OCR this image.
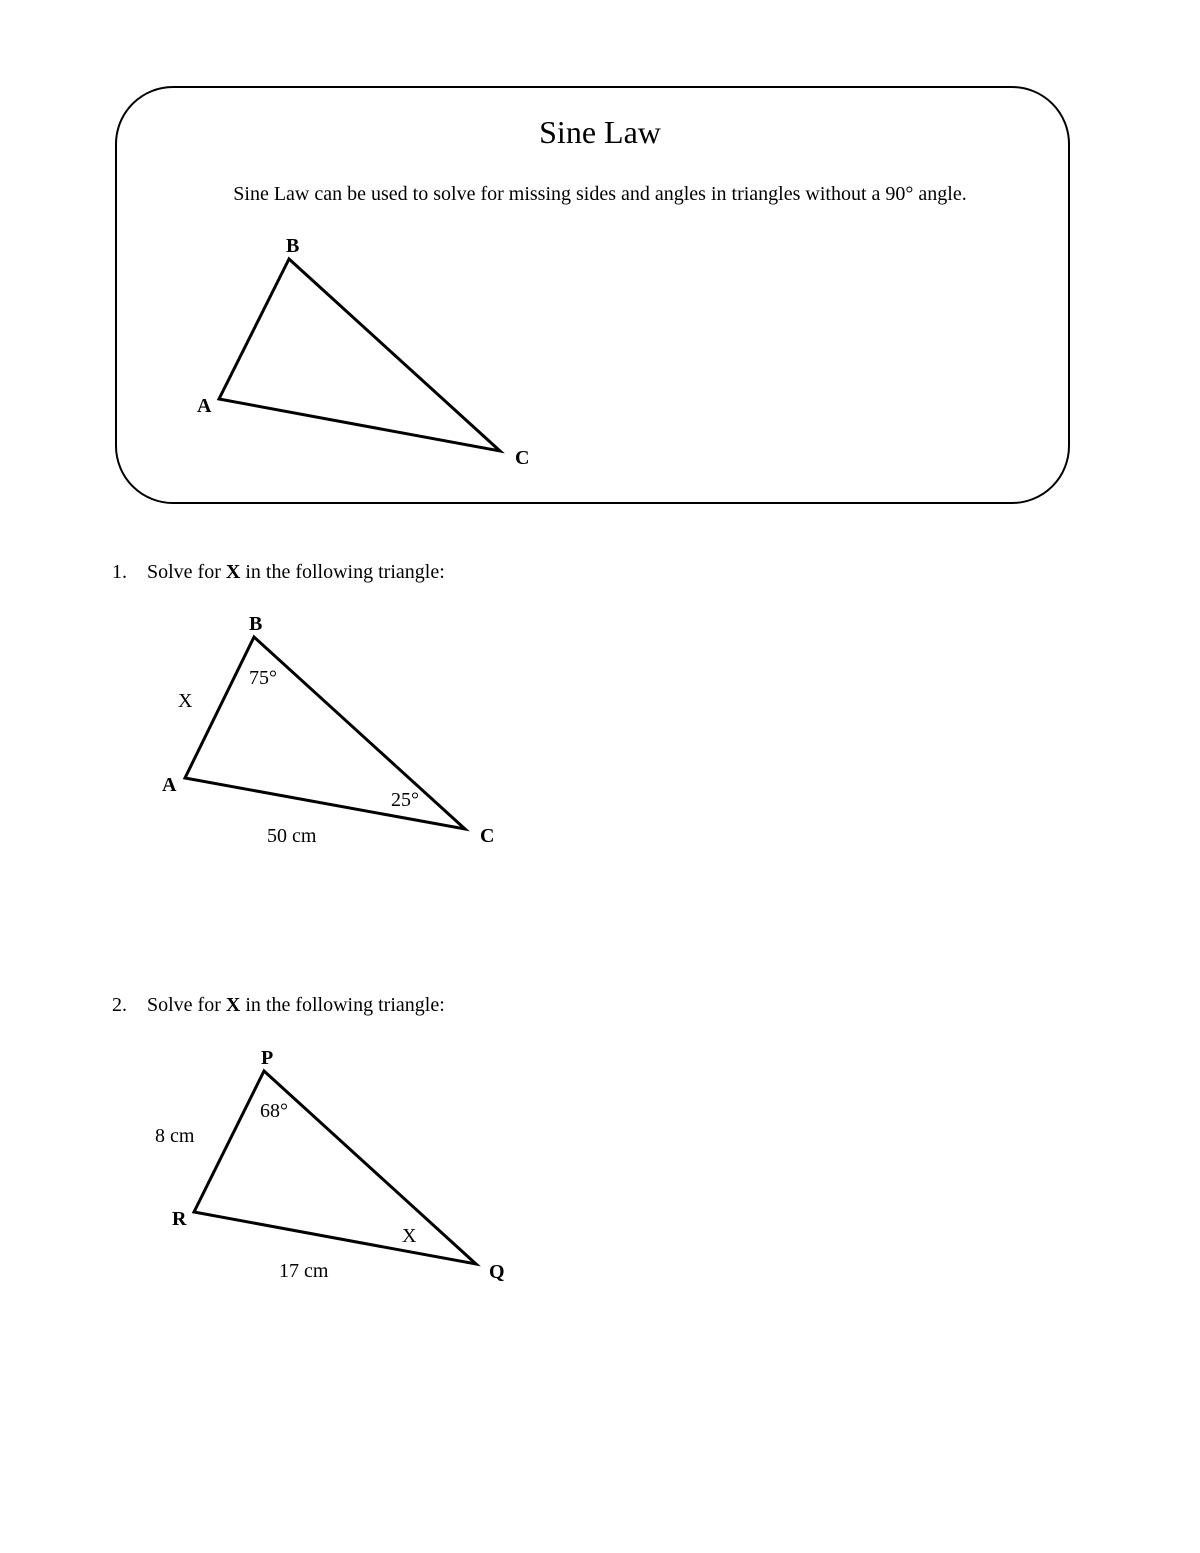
Sine Law
Sine Law can be used to solve for missing sides and angles in triangles without a 90° angle.
1. Solve for X in the following triangle:
2. Solve for X in the following triangle:
B
A
C
B
A
C
75°
25°
X
50 cm
P
R
Q
68°
X
8 cm
17 cm
